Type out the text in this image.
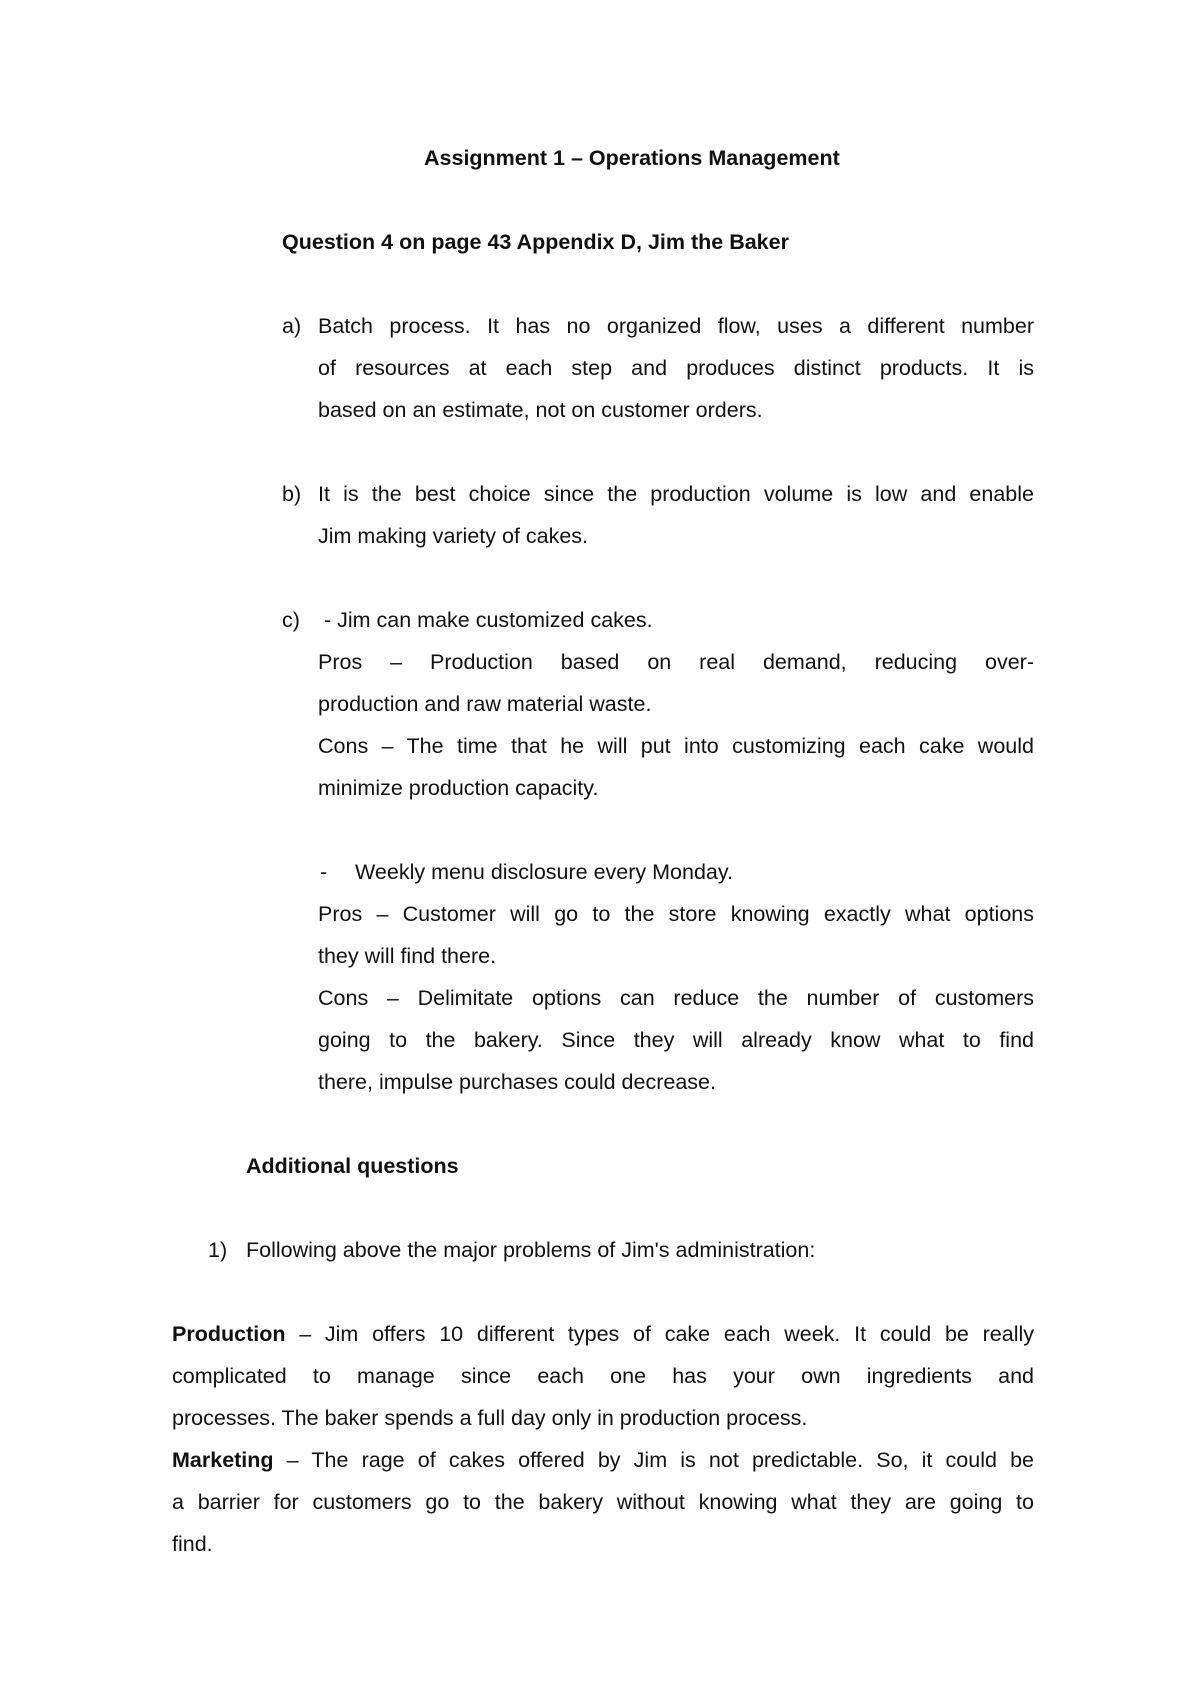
Assignment 1 – Operations Management
Question 4 on page 43 Appendix D, Jim the Baker
a) Batch process. It has no organized flow, uses a different number
of resources at each step and produces distinct products. It is
based on an estimate, not on customer orders.
b) It is the best choice since the production volume is low and enable
Jim making variety of cakes.
c) - Jim can make customized cakes.
Pros – Production based on real demand, reducing over-
production and raw material waste.
Cons – The time that he will put into customizing each cake would
minimize production capacity.
- Weekly menu disclosure every Monday.
Pros – Customer will go to the store knowing exactly what options
they will find there.
Cons – Delimitate options can reduce the number of customers
going to the bakery. Since they will already know what to find
there, impulse purchases could decrease.
Additional questions
1) Following above the major problems of Jim's administration:
Production – Jim offers 10 different types of cake each week. It could be really
complicated to manage since each one has your own ingredients and
processes. The baker spends a full day only in production process.
Marketing – The rage of cakes offered by Jim is not predictable. So, it could be
a barrier for customers go to the bakery without knowing what they are going to
find.
